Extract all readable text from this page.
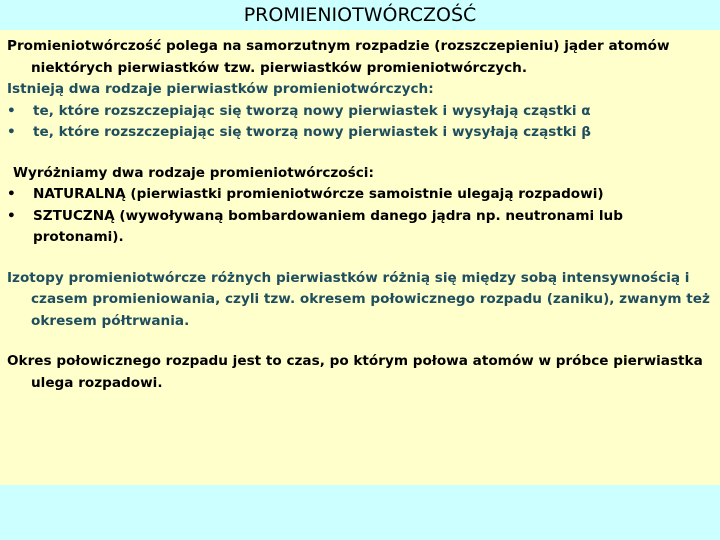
PROMIENIOTWÓRCZOŚĆ

Promieniotwórczość polega na samorzutnym rozpadzie (rozszczepieniu) jąder atomów niektórych pierwiastków tzw. pierwiastków promieniotwórczych.

Istnieją dwa rodzaje pierwiastków promieniotwórczych:

•	te, które rozszczepiając się tworzą nowy pierwiastek i wysyłają cząstki α
•	te, które rozszczepiając się tworzą nowy pierwiastek i wysyłają cząstki β

Wyróżniamy dwa rodzaje promieniotwórczości:

•	NATURALNĄ (pierwiastki promieniotwórcze samoistnie ulegają rozpadowi)
•	SZTUCZNĄ (wywoływaną bombardowaniem danego jądra np. neutronami lub protonami).

Izotopy promieniotwórcze różnych pierwiastków różnią się między sobą intensywnością i czasem promieniowania, czyli tzw. okresem połowicznego rozpadu (zaniku), zwanym też okresem półtrwania.

Okres połowicznego rozpadu jest to czas, po którym połowa atomów w próbce pierwiastka ulega rozpadowi.
